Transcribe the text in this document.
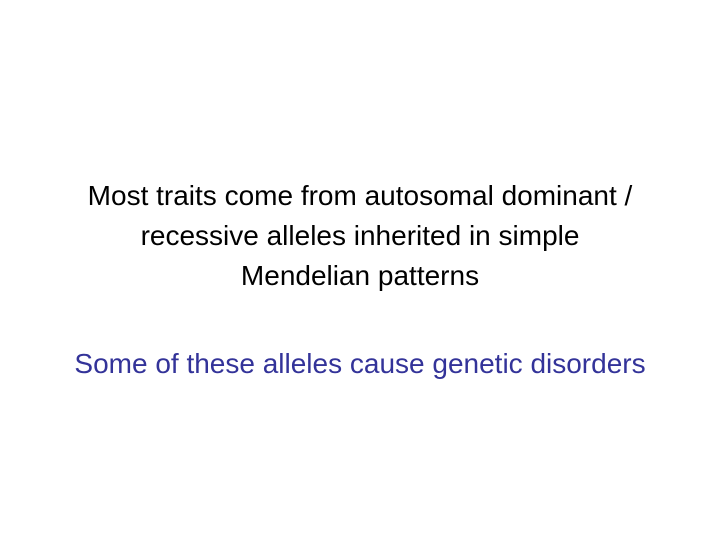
Most traits come from autosomal dominant /
recessive alleles inherited in simple
Mendelian patterns
Some of these alleles cause genetic disorders
